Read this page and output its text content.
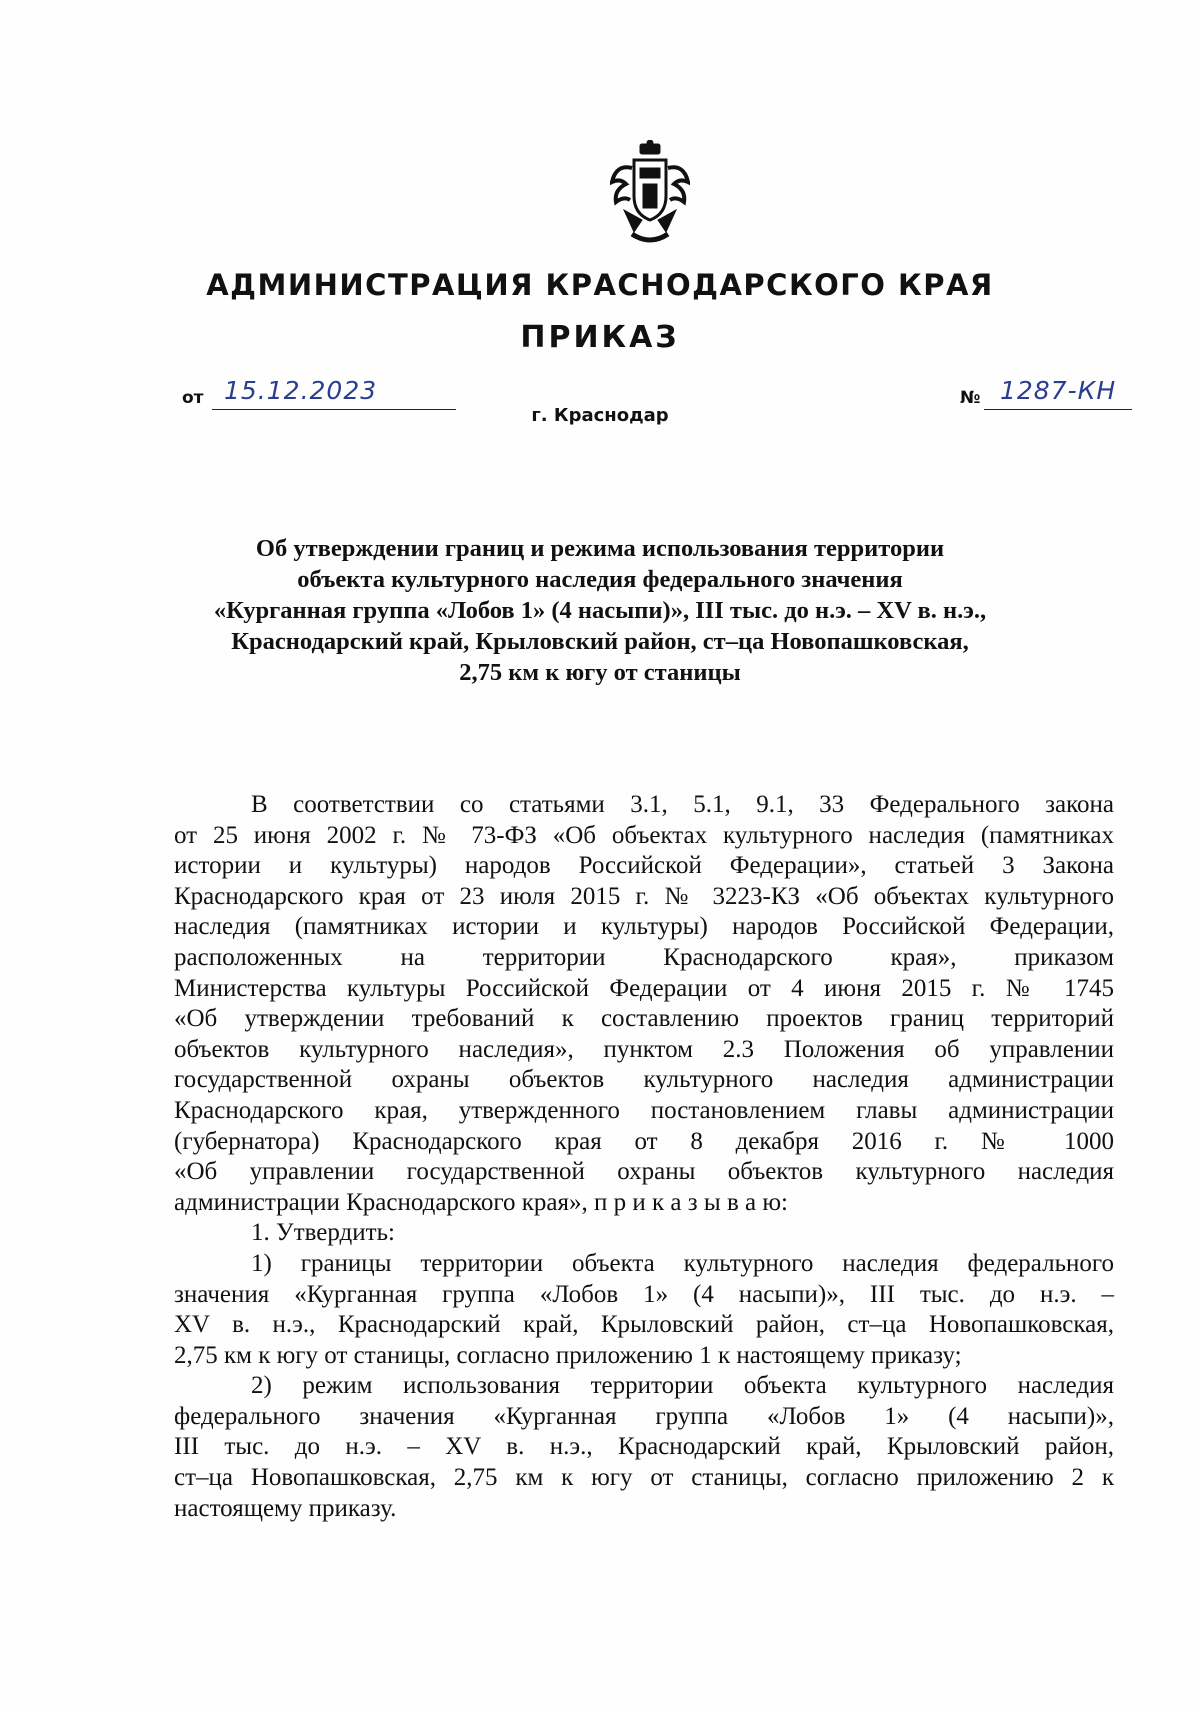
АДМИНИСТРАЦИЯ КРАСНОДАРСКОГО КРАЯ
ПРИКАЗ
от 15.12.2023
г. Краснодар
№ 1287-КН
Об утверждении границ и режима использования территории
объекта культурного наследия федерального значения
«Курганная группа «Лобов 1» (4 насыпи)», III тыс. до н.э. – XV в. н.э.,
Краснодарский край, Крыловский район, ст–ца Новопашковская,
2,75 км к югу от станицы
В соответствии со статьями 3.1, 5.1, 9.1, 33 Федерального закона
от 25 июня 2002 г. № 73-ФЗ «Об объектах культурного наследия (памятниках
истории и культуры) народов Российской Федерации», статьей 3 Закона
Краснодарского края от 23 июля 2015 г. № 3223-КЗ «Об объектах культурного
наследия (памятниках истории и культуры) народов Российской Федерации,
расположенных на территории Краснодарского края», приказом
Министерства культуры Российской Федерации от 4 июня 2015 г. № 1745
«Об утверждении требований к составлению проектов границ территорий
объектов культурного наследия», пунктом 2.3 Положения об управлении
государственной охраны объектов культурного наследия администрации
Краснодарского края, утвержденного постановлением главы администрации
(губернатора) Краснодарского края от 8 декабря 2016 г. № 1000
«Об управлении государственной охраны объектов культурного наследия
администрации Краснодарского края», п р и к а з ы в а ю:
1. Утвердить:
1) границы территории объекта культурного наследия федерального
значения «Курганная группа «Лобов 1» (4 насыпи)», III тыс. до н.э. –
XV в. н.э., Краснодарский край, Крыловский район, ст–ца Новопашковская,
2,75 км к югу от станицы, согласно приложению 1 к настоящему приказу;
2) режим использования территории объекта культурного наследия
федерального значения «Курганная группа «Лобов 1» (4 насыпи)»,
III тыс. до н.э. – XV в. н.э., Краснодарский край, Крыловский район,
ст–ца Новопашковская, 2,75 км к югу от станицы, согласно приложению 2 к
настоящему приказу.
